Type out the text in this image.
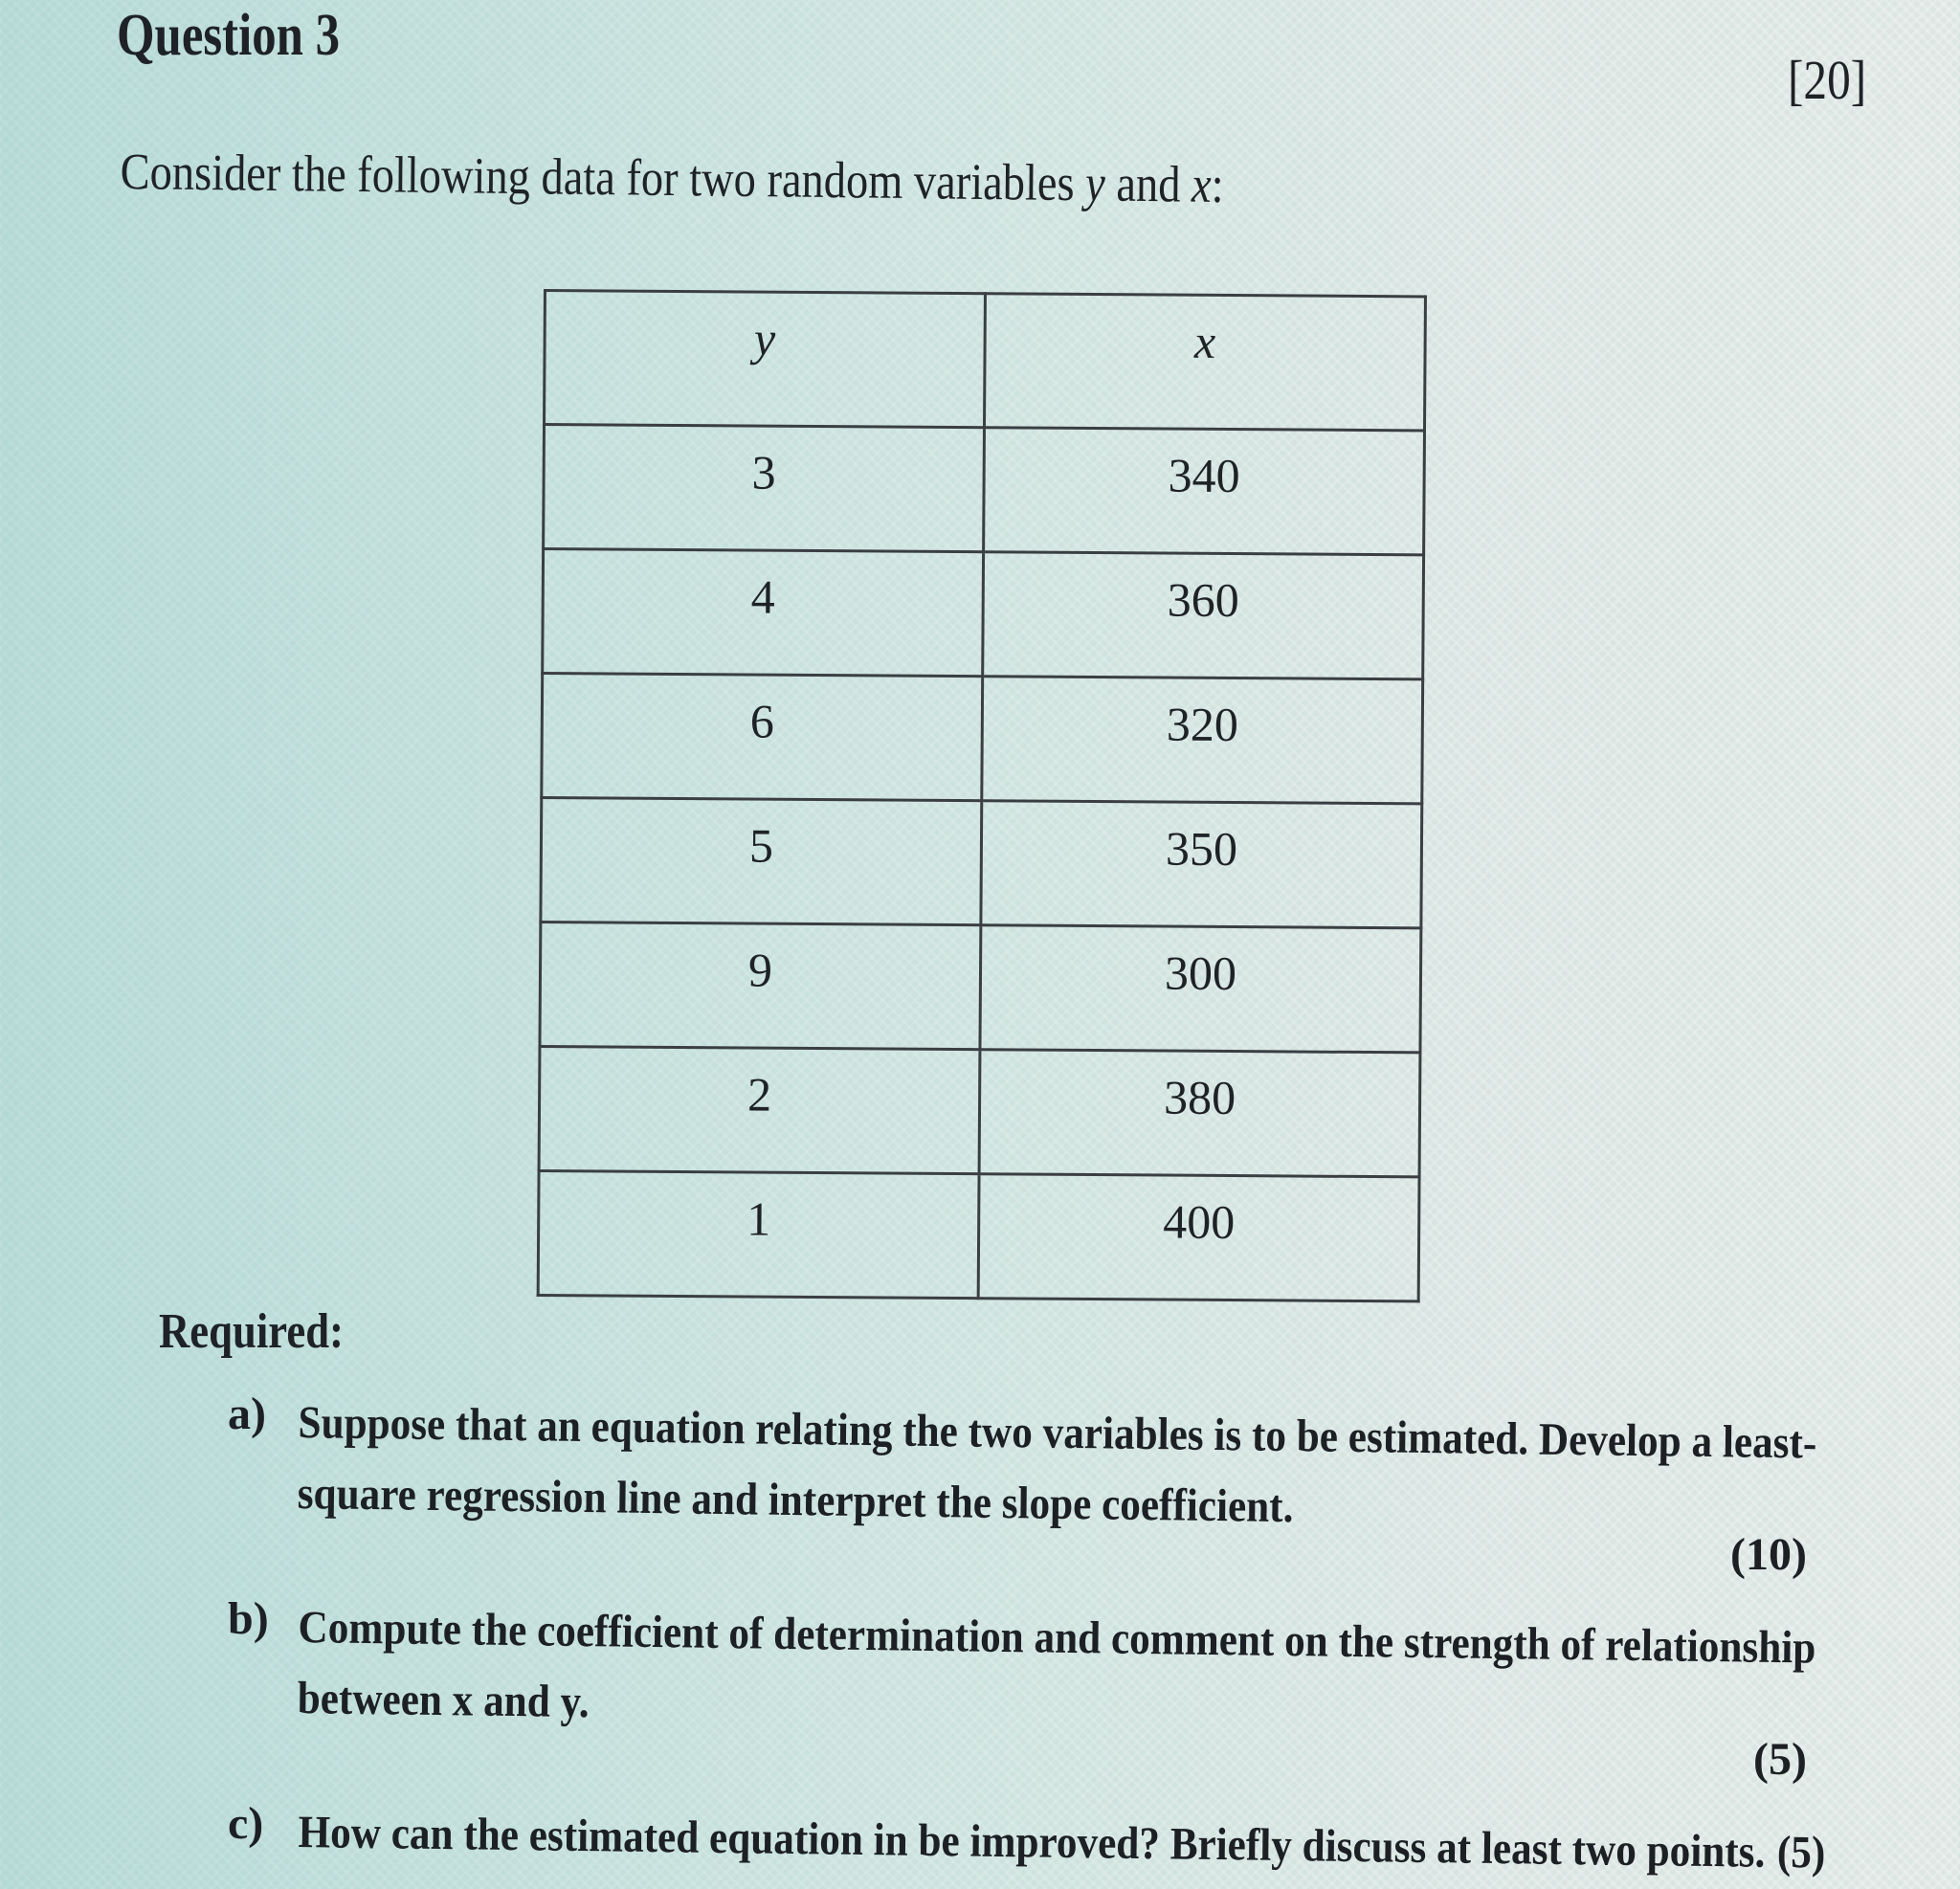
Question 3
[20]
Consider the following data for two random variables y and x:
y	x
3	340
4	360
6	320
5	350
9	300
2	380
1	400
Required:
a) Suppose that an equation relating the two variables is to be estimated. Develop a least-square regression line and interpret the slope coefficient.
(10)
b) Compute the coefficient of determination and comment on the strength of relationship between x and y.
(5)
c) How can the estimated equation in be improved? Briefly discuss at least two points. (5)
